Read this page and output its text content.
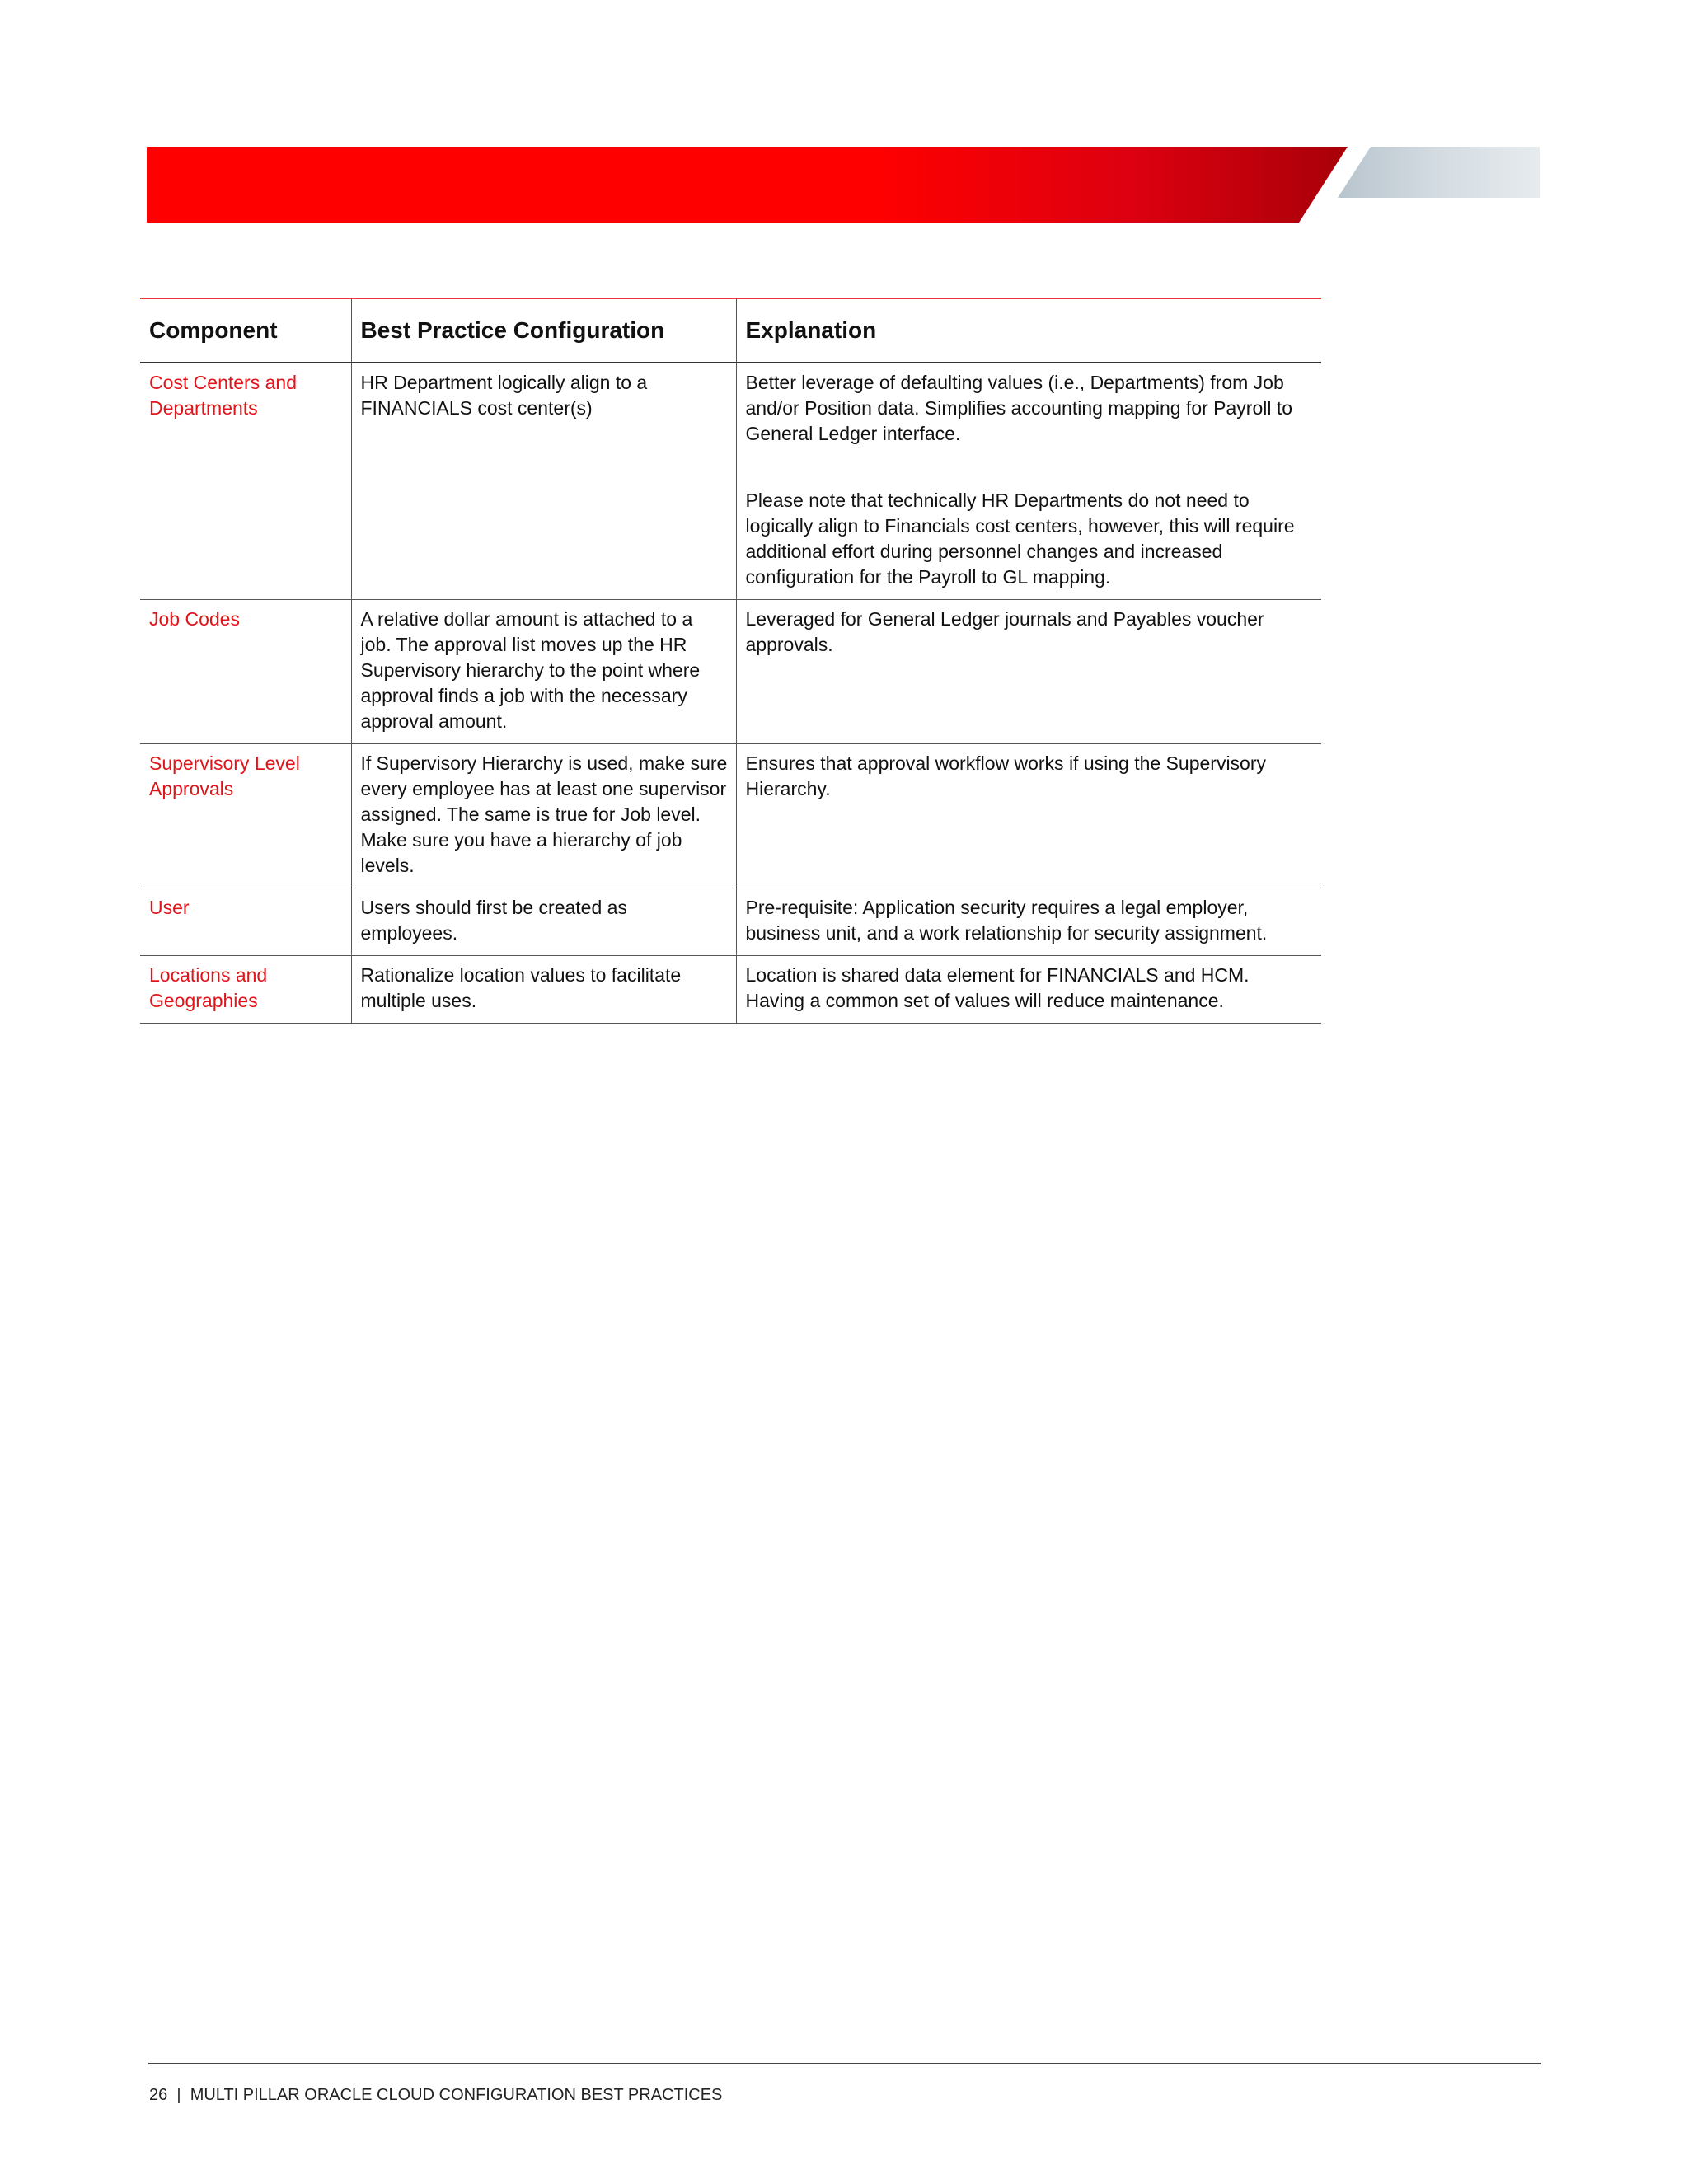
Component	Best Practice Configuration	Explanation
Cost Centers and Departments	HR Department logically align to a FINANCIALS cost center(s)	Better leverage of defaulting values (i.e., Departments) from Job and/or Position data. Simplifies accounting mapping for Payroll to General Ledger interface.

Please note that technically HR Departments do not need to logically align to Financials cost centers, however, this will require additional effort during personnel changes and increased configuration for the Payroll to GL mapping.

Job Codes	A relative dollar amount is attached to a job. The approval list moves up the HR Supervisory hierarchy to the point where approval finds a job with the necessary approval amount.	Leveraged for General Ledger journals and Payables voucher approvals.

Supervisory Level Approvals	If Supervisory Hierarchy is used, make sure every employee has at least one supervisor assigned. The same is true for Job level. Make sure you have a hierarchy of job levels.	Ensures that approval workflow works if using the Supervisory Hierarchy.

User	Users should first be created as employees.	Pre-requisite: Application security requires a legal employer, business unit, and a work relationship for security assignment.

Locations and Geographies	Rationalize location values to facilitate multiple uses.	Location is shared data element for FINANCIALS and HCM. Having a common set of values will reduce maintenance.

26 | MULTI PILLAR ORACLE CLOUD CONFIGURATION BEST PRACTICES
